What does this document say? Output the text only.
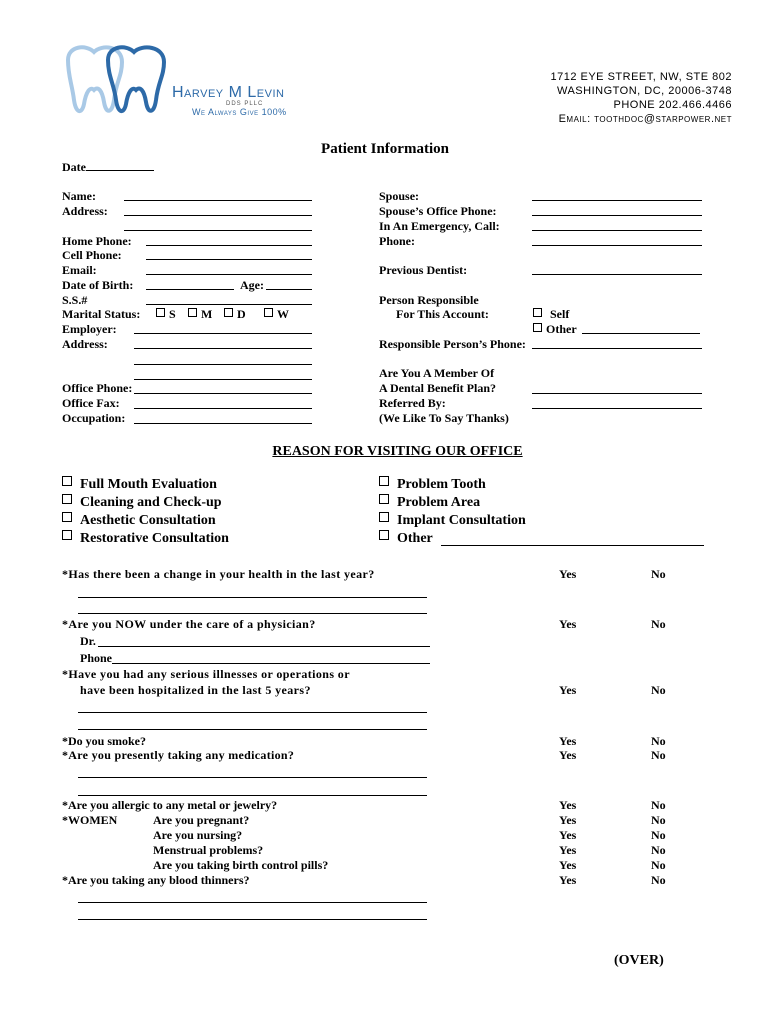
Harvey M Levin
DDS PLLC
We Always Give 100%
1712 EYE STREET, NW, STE 802
WASHINGTON, DC, 20006-3748
PHONE 202.466.4466
Email: toothdoc@starpower.net
Patient Information
Date
Name:
Address:
Home Phone:
Cell Phone:
Email:
Date of Birth:	Age:
S.S.#
Marital Status:	S	M	D	W
Employer:
Address:
Office Phone:
Office Fax:
Occupation:
Spouse:
Spouse’s Office Phone:
In An Emergency, Call:
Phone:
Previous Dentist:
Person Responsible
For This Account:	Self
Other
Responsible Person’s Phone:
Are You A Member Of
A Dental Benefit Plan?
Referred By:
(We Like To Say Thanks)
REASON FOR VISITING OUR OFFICE
Full Mouth Evaluation
Cleaning and Check-up
Aesthetic Consultation
Restorative Consultation
Problem Tooth
Problem Area
Implant Consultation
Other
*Has there been a change in your health in the last year?	Yes	No
*Are you NOW under the care of a physician?	Yes	No
Dr.
Phone
*Have you had any serious illnesses or operations or
have been hospitalized in the last 5 years?	Yes	No
*Do you smoke?	Yes	No
*Are you presently taking any medication?	Yes	No
*Are you allergic to any metal or jewelry?	Yes	No
*WOMEN	Are you pregnant?	Yes	No
Are you nursing?	Yes	No
Menstrual problems?	Yes	No
Are you taking birth control pills?	Yes	No
*Are you taking any blood thinners?	Yes	No
(OVER)
